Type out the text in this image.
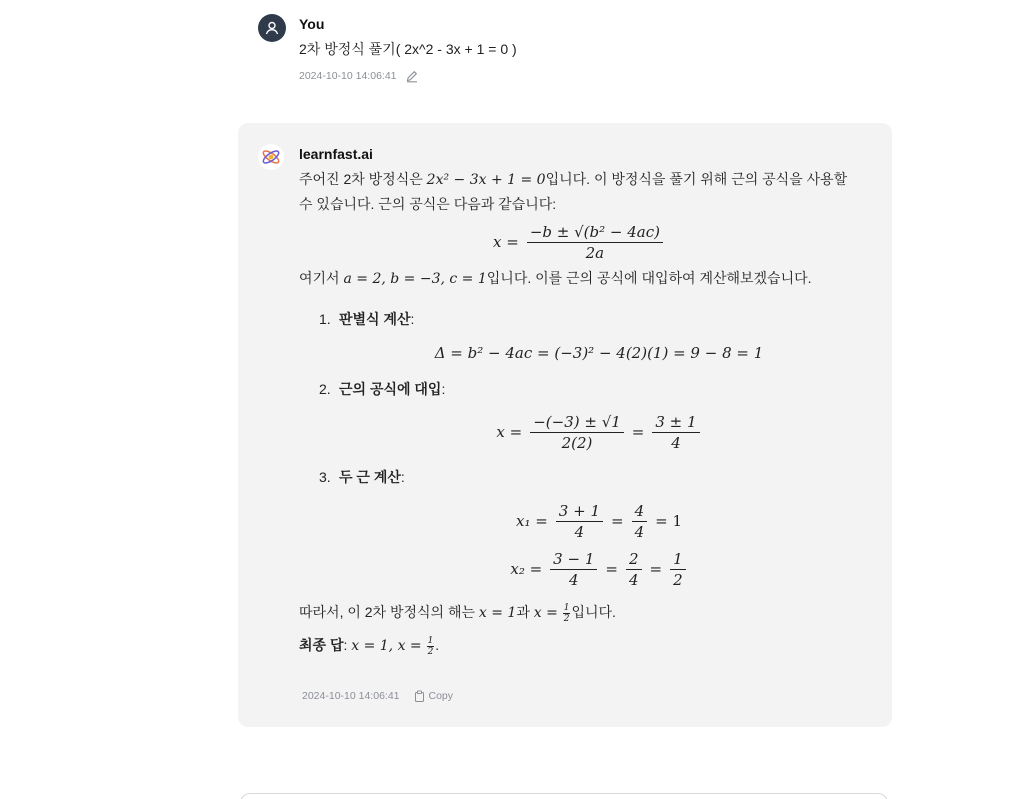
You
2차 방정식 풀기( 2x^2 - 3x + 1 = 0 )
2024-10-10 14:06:41
learnfast.ai
주어진 2차 방정식은 2x² − 3x + 1 = 0입니다. 이 방정식을 풀기 위해 근의 공식을 사용할 수 있습니다. 근의 공식은 다음과 같습니다:
$x = \frac{\text{−b ± √(b² − 4ac)}}{2a}$
여기서 a = 2, b = −3, c = 1입니다. 이를 근의 공식에 대입하여 계산해보겠습니다.
1. 판별식 계산:
Δ = b² − 4ac = (−3)² − 4(2)(1) = 9 − 8 = 1
2. 근의 공식에 대입:
$x = \frac{-(-3) \pm √1}{2(2)} = \frac{3 \pm 1}{4}$
3. 두 근 계산:
$x_1 = \frac{3 + 1}{4} = \frac{4}{4} = 1$
$x_2 = \frac{3 - 1}{4} = \frac{2}{4} = \frac{1}{2}$
따라서, 이 2차 방정식의 해는 x = 1과 $x = \frac{1}{2}$ 입니다.
최종 답: x = 1, $x = \frac{1}{2}$ .
2024-10-10 14:06:41	Copy
